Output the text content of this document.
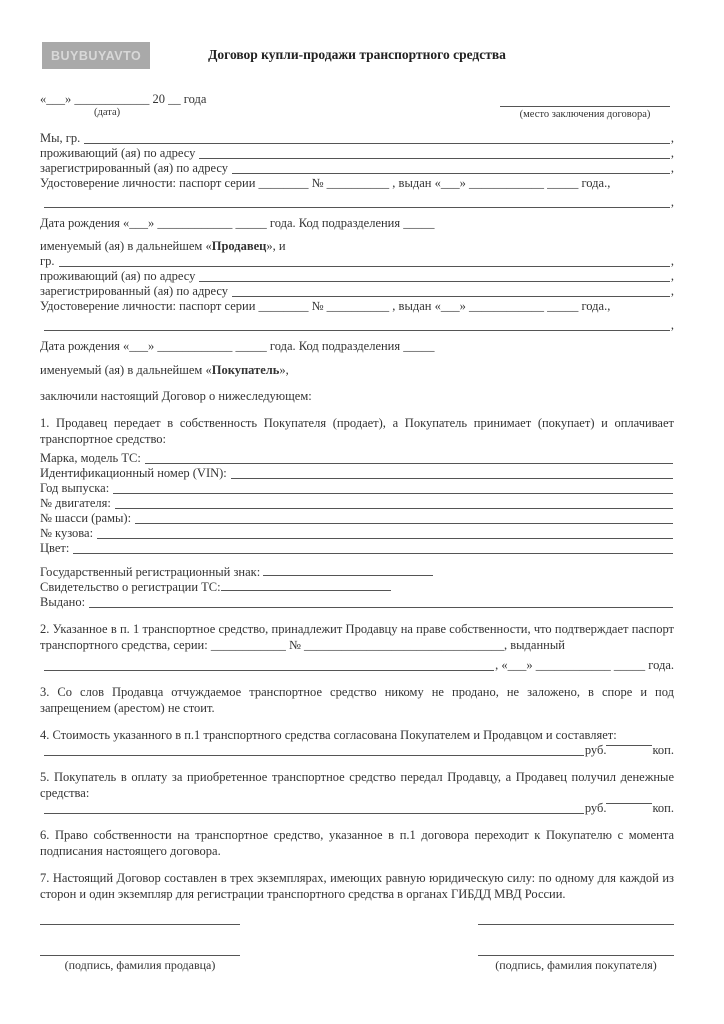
BUYBUYAVTO	Договор купли-продажи транспортного средства
«___» ____________ 20 __ года
(дата)	(место заключения договора)
Мы, гр.	,
проживающий (ая) по адресу	,
зарегистрированный (ая) по адресу	,
Удостоверение личности: паспорт серии ________ № __________ , выдан «___» ____________ _____ года.,
,
Дата рождения «___» ____________ _____ года. Код подразделения _____
именуемый (ая) в дальнейшем «Продавец», и
гр.	,
проживающий (ая) по адресу	,
зарегистрированный (ая) по адресу	,
Удостоверение личности: паспорт серии ________ № __________ , выдан «___» ____________ _____ года.,
,
Дата рождения «___» ____________ _____ года. Код подразделения _____
именуемый (ая) в дальнейшем «Покупатель»,
заключили настоящий Договор о нижеследующем:
1. Продавец передает в собственность Покупателя (продает), а Покупатель принимает (покупает) и оплачивает транспортное средство:
Марка, модель ТС:
Идентификационный номер (VIN):
Год выпуска:
№ двигателя:
№ шасси (рамы):
№ кузова:
Цвет:
Государственный регистрационный знак:
Свидетельство о регистрации ТС:
Выдано:
2. Указанное в п. 1 транспортное средство, принадлежит Продавцу на праве собственности, что подтверждает паспорт транспортного средства, серии: ____________ № ________________________________, выданный
, «___» ____________ _____ года.
3. Со слов Продавца отчуждаемое транспортное средство никому не продано, не заложено, в споре и под запрещением (арестом) не стоит.
4. Стоимость указанного в п.1 транспортного средства согласована Покупателем и Продавцом и составляет:
руб.	коп.
5. Покупатель в оплату за приобретенное транспортное средство передал Продавцу, а Продавец получил денежные средства:
руб.	коп.
6. Право собственности на транспортное средство, указанное в п.1 договора переходит к Покупателю с момента подписания настоящего договора.
7. Настоящий Договор составлен в трех экземплярах, имеющих равную юридическую силу: по одному для каждой из сторон и один экземпляр для регистрации транспортного средства в органах ГИБДД МВД России.
(подпись, фамилия продавца)	(подпись, фамилия покупателя)
